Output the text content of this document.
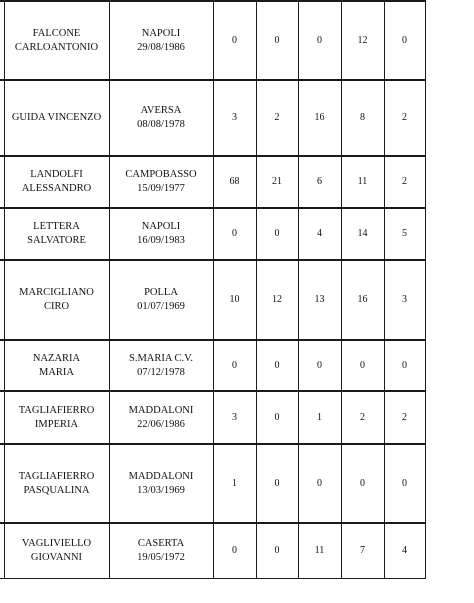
	FALCONE
CARLOANTONIO	NAPOLI
29/08/1986	0	0	0	12	0

	GUIDA VINCENZO	AVERSA
08/08/1978	3	2	16	8	2

	LANDOLFI
ALESSANDRO	CAMPOBASSO
15/09/1977	68	21	6	11	2

	LETTERA
SALVATORE	NAPOLI
16/09/1983	0	0	4	14	5

	MARCIGLIANO
CIRO	POLLA
01/07/1969	10	12	13	16	3

	NAZARIA
MARIA	S.MARIA C.V.
07/12/1978	0	0	0	0	0

	TAGLIAFIERRO
IMPERIA	MADDALONI
22/06/1986	3	0	1	2	2

	TAGLIAFIERRO
PASQUALINA	MADDALONI
13/03/1969	1	0	0	0	0

	VAGLIVIELLO
GIOVANNI	CASERTA
19/05/1972	0	0	11	7	4
